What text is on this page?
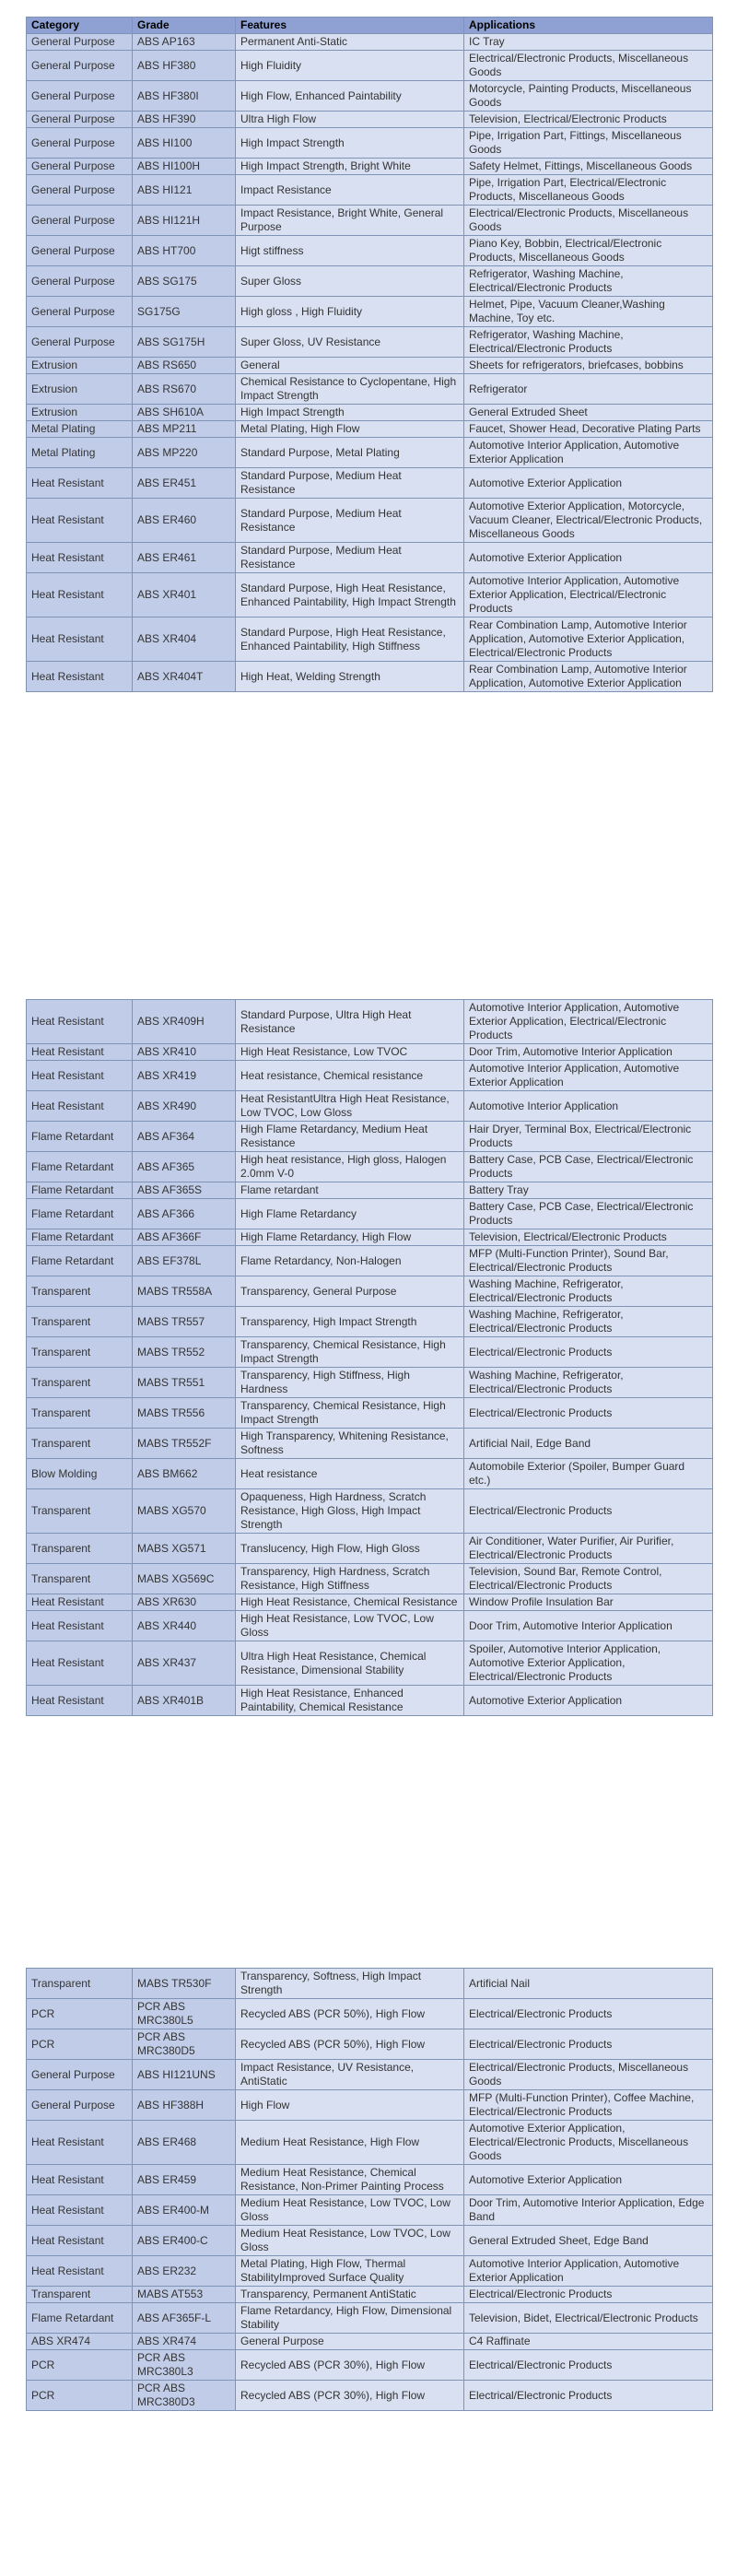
Category	Grade	Features	Applications
General Purpose	ABS AP163	Permanent Anti-Static	IC Tray
General Purpose	ABS HF380	High Fluidity	Electrical/Electronic Products, Miscellaneous Goods
General Purpose	ABS HF380I	High Flow, Enhanced Paintability	Motorcycle, Painting Products, Miscellaneous Goods
General Purpose	ABS HF390	Ultra High Flow	Television, Electrical/Electronic Products
General Purpose	ABS HI100	High Impact Strength	Pipe, Irrigation Part, Fittings, Miscellaneous Goods
General Purpose	ABS HI100H	High Impact Strength, Bright White	Safety Helmet, Fittings, Miscellaneous Goods
General Purpose	ABS HI121	Impact Resistance	Pipe, Irrigation Part, Electrical/Electronic Products, Miscellaneous Goods
General Purpose	ABS HI121H	Impact Resistance, Bright White, General Purpose	Electrical/Electronic Products, Miscellaneous Goods
General Purpose	ABS HT700	Higt stiffness	Piano Key, Bobbin, Electrical/Electronic Products, Miscellaneous Goods
General Purpose	ABS SG175	Super Gloss	Refrigerator, Washing Machine, Electrical/Electronic Products
General Purpose	SG175G	High gloss , High Fluidity	Helmet, Pipe, Vacuum Cleaner,Washing Machine, Toy etc.
General Purpose	ABS SG175H	Super Gloss, UV Resistance	Refrigerator, Washing Machine, Electrical/Electronic Products
Extrusion	ABS RS650	General	Sheets for refrigerators, briefcases, bobbins
Extrusion	ABS RS670	Chemical Resistance to Cyclopentane, High Impact Strength	Refrigerator
Extrusion	ABS SH610A	High Impact Strength	General Extruded Sheet
Metal Plating	ABS MP211	Metal Plating, High Flow	Faucet, Shower Head, Decorative Plating Parts
Metal Plating	ABS MP220	Standard Purpose, Metal Plating	Automotive Interior Application, Automotive Exterior Application
Heat Resistant	ABS ER451	Standard Purpose, Medium Heat Resistance	Automotive Exterior Application
Heat Resistant	ABS ER460	Standard Purpose, Medium Heat Resistance	Automotive Exterior Application, Motorcycle, Vacuum Cleaner, Electrical/Electronic Products, Miscellaneous Goods
Heat Resistant	ABS ER461	Standard Purpose, Medium Heat Resistance	Automotive Exterior Application
Heat Resistant	ABS XR401	Standard Purpose, High Heat Resistance, Enhanced Paintability, High Impact Strength	Automotive Interior Application, Automotive Exterior Application, Electrical/Electronic Products
Heat Resistant	ABS XR404	Standard Purpose, High Heat Resistance, Enhanced Paintability, High Stiffness	Rear Combination Lamp, Automotive Interior Application, Automotive Exterior Application, Electrical/Electronic Products
Heat Resistant	ABS XR404T	High Heat, Welding Strength	Rear Combination Lamp, Automotive Interior Application, Automotive Exterior Application
Heat Resistant	ABS XR409H	Standard Purpose, Ultra High Heat Resistance	Automotive Interior Application, Automotive Exterior Application, Electrical/Electronic Products
Heat Resistant	ABS XR410	High Heat Resistance, Low TVOC	Door Trim, Automotive Interior Application
Heat Resistant	ABS XR419	Heat resistance, Chemical resistance	Automotive Interior Application, Automotive Exterior Application
Heat Resistant	ABS XR490	Heat ResistantUltra High Heat Resistance, Low TVOC, Low Gloss	Automotive Interior Application
Flame Retardant	ABS AF364	High Flame Retardancy, Medium Heat Resistance	Hair Dryer, Terminal Box, Electrical/Electronic Products
Flame Retardant	ABS AF365	High heat resistance, High gloss, Halogen 2.0mm V-0	Battery Case, PCB Case, Electrical/Electronic Products
Flame Retardant	ABS AF365S	Flame retardant	Battery Tray
Flame Retardant	ABS AF366	High Flame Retardancy	Battery Case, PCB Case, Electrical/Electronic Products
Flame Retardant	ABS AF366F	High Flame Retardancy, High Flow	Television, Electrical/Electronic Products
Flame Retardant	ABS EF378L	Flame Retardancy, Non-Halogen	MFP (Multi-Function Printer), Sound Bar, Electrical/Electronic Products
Transparent	MABS TR558A	Transparency, General Purpose	Washing Machine, Refrigerator, Electrical/Electronic Products
Transparent	MABS TR557	Transparency, High Impact Strength	Washing Machine, Refrigerator, Electrical/Electronic Products
Transparent	MABS TR552	Transparency, Chemical Resistance, High Impact Strength	Electrical/Electronic Products
Transparent	MABS TR551	Transparency, High Stiffness, High Hardness	Washing Machine, Refrigerator, Electrical/Electronic Products
Transparent	MABS TR556	Transparency, Chemical Resistance, High Impact Strength	Electrical/Electronic Products
Transparent	MABS TR552F	High Transparency, Whitening Resistance, Softness	Artificial Nail, Edge Band
Blow Molding	ABS BM662	Heat resistance	Automobile Exterior (Spoiler, Bumper Guard etc.)
Transparent	MABS XG570	Opaqueness, High Hardness, Scratch Resistance, High Gloss, High Impact Strength	Electrical/Electronic Products
Transparent	MABS XG571	Translucency, High Flow, High Gloss	Air Conditioner, Water Purifier, Air Purifier, Electrical/Electronic Products
Transparent	MABS XG569C	Transparency, High Hardness, Scratch Resistance, High Stiffness	Television, Sound Bar, Remote Control, Electrical/Electronic Products
Heat Resistant	ABS XR630	High Heat Resistance, Chemical Resistance	Window Profile Insulation Bar
Heat Resistant	ABS XR440	High Heat Resistance, Low TVOC, Low Gloss	Door Trim, Automotive Interior Application
Heat Resistant	ABS XR437	Ultra High Heat Resistance, Chemical Resistance, Dimensional Stability	Spoiler, Automotive Interior Application, Automotive Exterior Application, Electrical/Electronic Products
Heat Resistant	ABS XR401B	High Heat Resistance, Enhanced Paintability, Chemical Resistance	Automotive Exterior Application
Transparent	MABS TR530F	Transparency, Softness, High Impact Strength	Artificial Nail
PCR	PCR ABS MRC380L5	Recycled ABS (PCR 50%), High Flow	Electrical/Electronic Products
PCR	PCR ABS MRC380D5	Recycled ABS (PCR 50%), High Flow	Electrical/Electronic Products
General Purpose	ABS HI121UNS	Impact Resistance, UV Resistance, AntiStatic	Electrical/Electronic Products, Miscellaneous Goods
General Purpose	ABS HF388H	High Flow	MFP (Multi-Function Printer), Coffee Machine, Electrical/Electronic Products
Heat Resistant	ABS ER468	Medium Heat Resistance, High Flow	Automotive Exterior Application, Electrical/Electronic Products, Miscellaneous Goods
Heat Resistant	ABS ER459	Medium Heat Resistance, Chemical Resistance, Non-Primer Painting Process	Automotive Exterior Application
Heat Resistant	ABS ER400-M	Medium Heat Resistance, Low TVOC, Low Gloss	Door Trim, Automotive Interior Application, Edge Band
Heat Resistant	ABS ER400-C	Medium Heat Resistance, Low TVOC, Low Gloss	General Extruded Sheet, Edge Band
Heat Resistant	ABS ER232	Metal Plating, High Flow, Thermal StabilityImproved Surface Quality	Automotive Interior Application, Automotive Exterior Application
Transparent	MABS AT553	Transparency, Permanent AntiStatic	Electrical/Electronic Products
Flame Retardant	ABS AF365F-L	Flame Retardancy, High Flow, Dimensional Stability	Television, Bidet, Electrical/Electronic Products
ABS XR474	ABS XR474	General Purpose	C4 Raffinate
PCR	PCR ABS MRC380L3	Recycled ABS (PCR 30%), High Flow	Electrical/Electronic Products
PCR	PCR ABS MRC380D3	Recycled ABS (PCR 30%), High Flow	Electrical/Electronic Products
